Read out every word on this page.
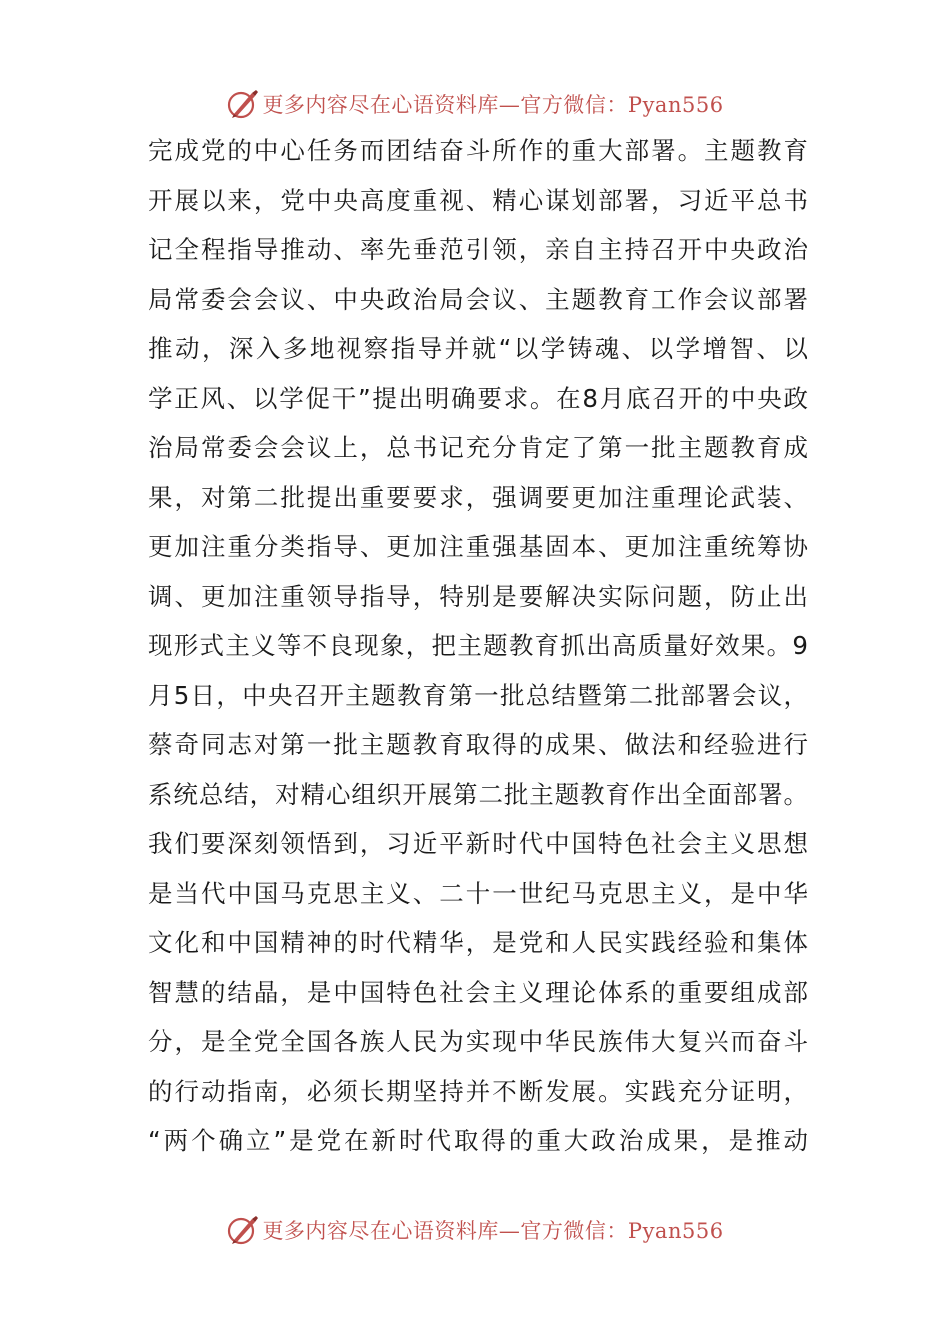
更多内容尽在心语资料库—官方微信：Pyan556
完成党的中心任务而团结奋斗所作的重大部署。主题教育
开展以来，党中央高度重视、精心谋划部署，习近平总书
记全程指导推动、率先垂范引领，亲自主持召开中央政治
局常委会会议、中央政治局会议、主题教育工作会议部署
推动，深入多地视察指导并就“以学铸魂、以学增智、以
学正风、以学促干”提出明确要求。在8月底召开的中央政
治局常委会会议上，总书记充分肯定了第一批主题教育成
果，对第二批提出重要要求，强调要更加注重理论武装、
更加注重分类指导、更加注重强基固本、更加注重统筹协
调、更加注重领导指导，特别是要解决实际问题，防止出
现形式主义等不良现象，把主题教育抓出高质量好效果。9
月5日，中央召开主题教育第一批总结暨第二批部署会议，
蔡奇同志对第一批主题教育取得的成果、做法和经验进行
系统总结，对精心组织开展第二批主题教育作出全面部署。
我们要深刻领悟到，习近平新时代中国特色社会主义思想
是当代中国马克思主义、二十一世纪马克思主义，是中华
文化和中国精神的时代精华，是党和人民实践经验和集体
智慧的结晶，是中国特色社会主义理论体系的重要组成部
分，是全党全国各族人民为实现中华民族伟大复兴而奋斗
的行动指南，必须长期坚持并不断发展。实践充分证明，
“两个确立”是党在新时代取得的重大政治成果，是推动
更多内容尽在心语资料库—官方微信：Pyan556
